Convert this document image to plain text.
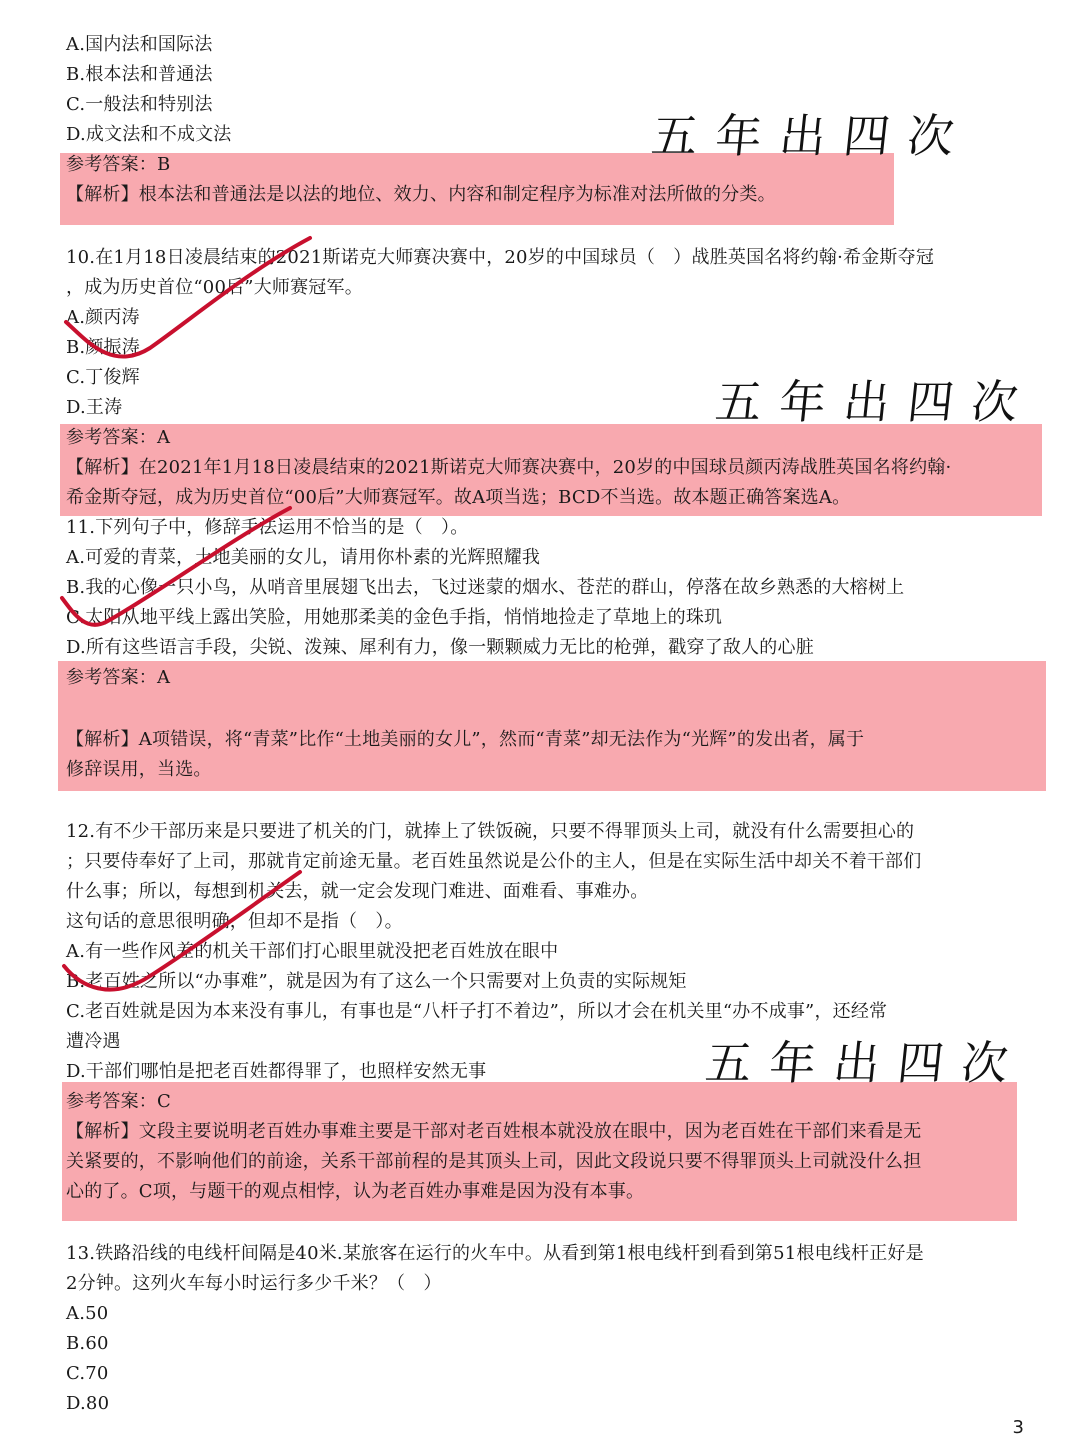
A.国内法和国际法

B.根本法和普通法

C.一般法和特别法

D.成文法和不成文法

参考答案：B

【解析】根本法和普通法是以法的地位、效力、内容和制定程序为标准对法所做的分类。

10.在1月18日凌晨结束的2021斯诺克大师赛决赛中，20岁的中国球员（　）战胜英国名将约翰·希金斯夺冠

，成为历史首位“00后”大师赛冠军。

A.颜丙涛

B.颜振涛

C.丁俊辉

D.王涛

参考答案：A

【解析】在2021年1月18日凌晨结束的2021斯诺克大师赛决赛中，20岁的中国球员颜丙涛战胜英国名将约翰·

希金斯夺冠，成为历史首位“00后”大师赛冠军。故A项当选；BCD不当选。故本题正确答案选A。

11.下列句子中，修辞手法运用不恰当的是（　）。

A.可爱的青菜，土地美丽的女儿，请用你朴素的光辉照耀我

B.我的心像一只小鸟，从哨音里展翅飞出去，飞过迷蒙的烟水、苍茫的群山，停落在故乡熟悉的大榕树上

C.太阳从地平线上露出笑脸，用她那柔美的金色手指，悄悄地捡走了草地上的珠玑

D.所有这些语言手段，尖锐、泼辣、犀利有力，像一颗颗威力无比的枪弹，戳穿了敌人的心脏

参考答案：A

【解析】A项错误，将“青菜”比作“土地美丽的女儿”，然而“青菜”却无法作为“光辉”的发出者，属于

修辞误用，当选。

12.有不少干部历来是只要进了机关的门，就捧上了铁饭碗，只要不得罪顶头上司，就没有什么需要担心的

；只要侍奉好了上司，那就肯定前途无量。老百姓虽然说是公仆的主人，但是在实际生活中却关不着干部们

什么事；所以，每想到机关去，就一定会发现门难进、面难看、事难办。

这句话的意思很明确，但却不是指（　）。

A.有一些作风差的机关干部们打心眼里就没把老百姓放在眼中

B.老百姓之所以“办事难”，就是因为有了这么一个只需要对上负责的实际规矩

C.老百姓就是因为本来没有事儿，有事也是“八杆子打不着边”，所以才会在机关里“办不成事”，还经常

遭冷遇

D.干部们哪怕是把老百姓都得罪了，也照样安然无事

参考答案：C

【解析】文段主要说明老百姓办事难主要是干部对老百姓根本就没放在眼中，因为老百姓在干部们来看是无

关紧要的，不影响他们的前途，关系干部前程的是其顶头上司，因此文段说只要不得罪顶头上司就没什么担

心的了。C项，与题干的观点相悖，认为老百姓办事难是因为没有本事。

13.铁路沿线的电线杆间隔是40米.某旅客在运行的火车中。从看到第1根电线杆到看到第51根电线杆正好是

2分钟。这列火车每小时运行多少千米？（　）

A.50

B.60

C.70

D.80

五年出四次
五年出四次
五年出四次
3
